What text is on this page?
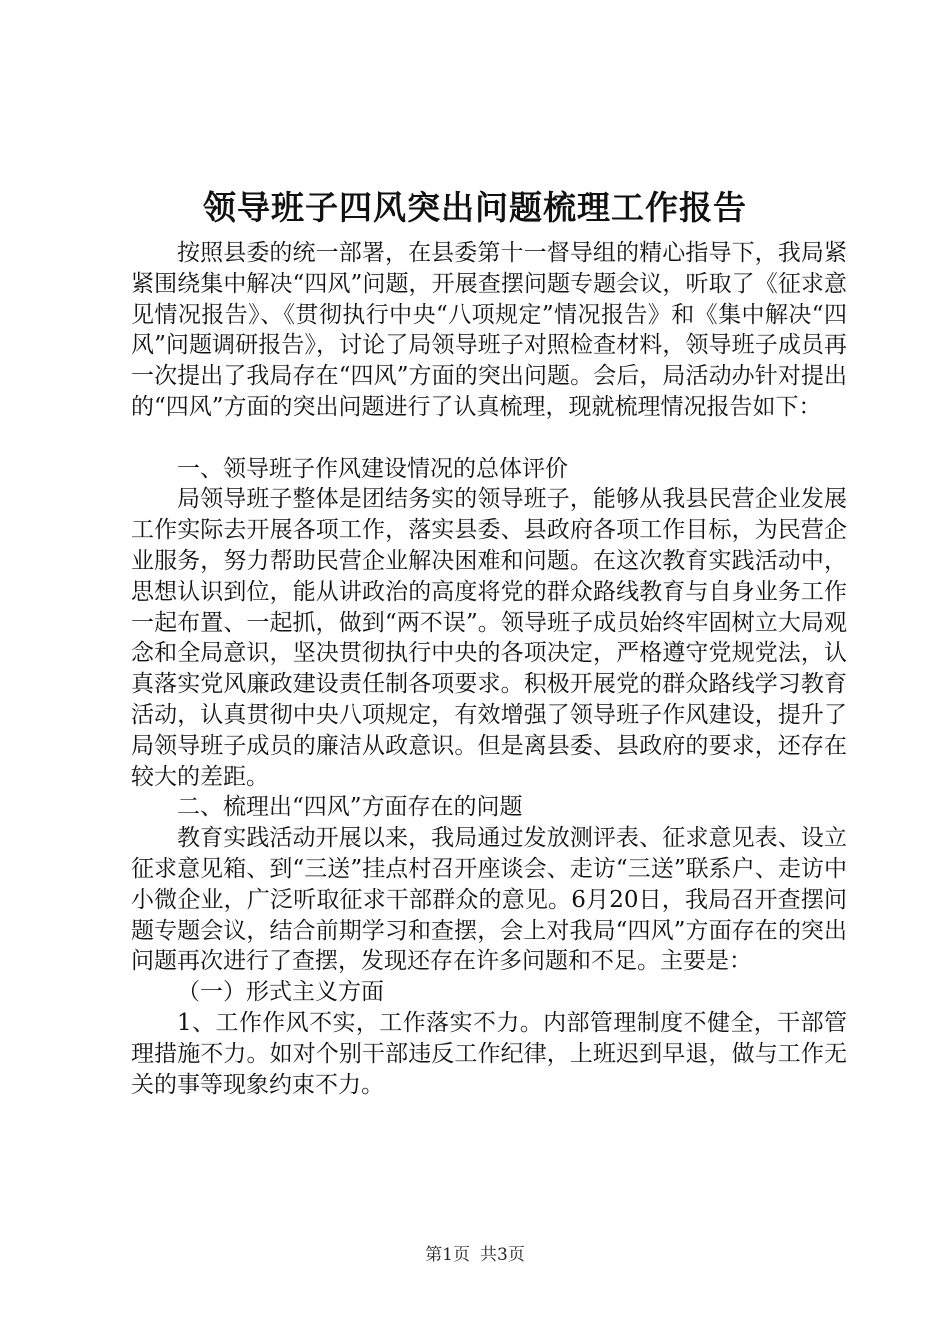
领导班子四风突出问题梳理工作报告

按照县委的统一部署，在县委第十一督导组的精心指导下，我局紧紧围绕集中解决“四风”问题，开展查摆问题专题会议，听取了《征求意见情况报告》、《贯彻执行中央“八项规定”情况报告》和《集中解决“四风”问题调研报告》，讨论了局领导班子对照检查材料，领导班子成员再一次提出了我局存在“四风”方面的突出问题。会后，局活动办针对提出的“四风”方面的突出问题进行了认真梳理，现就梳理情况报告如下：

一、领导班子作风建设情况的总体评价

局领导班子整体是团结务实的领导班子，能够从我县民营企业发展工作实际去开展各项工作，落实县委、县政府各项工作目标，为民营企业服务，努力帮助民营企业解决困难和问题。在这次教育实践活动中，思想认识到位，能从讲政治的高度将党的群众路线教育与自身业务工作一起布置、一起抓，做到“两不误”。领导班子成员始终牢固树立大局观念和全局意识，坚决贯彻执行中央的各项决定，严格遵守党规党法，认真落实党风廉政建设责任制各项要求。积极开展党的群众路线学习教育活动，认真贯彻中央八项规定，有效增强了领导班子作风建设，提升了局领导班子成员的廉洁从政意识。但是离县委、县政府的要求，还存在较大的差距。

二、梳理出“四风”方面存在的问题

教育实践活动开展以来，我局通过发放测评表、征求意见表、设立征求意见箱、到“三送”挂点村召开座谈会、走访“三送”联系户、走访中小微企业，广泛听取征求干部群众的意见。6月20日，我局召开查摆问题专题会议，结合前期学习和查摆，会上对我局“四风”方面存在的突出问题再次进行了查摆，发现还存在许多问题和不足。主要是：

（一）形式主义方面

1、工作作风不实，工作落实不力。内部管理制度不健全，干部管理措施不力。如对个别干部违反工作纪律，上班迟到早退，做与工作无关的事等现象约束不力。

第1页 共3页
